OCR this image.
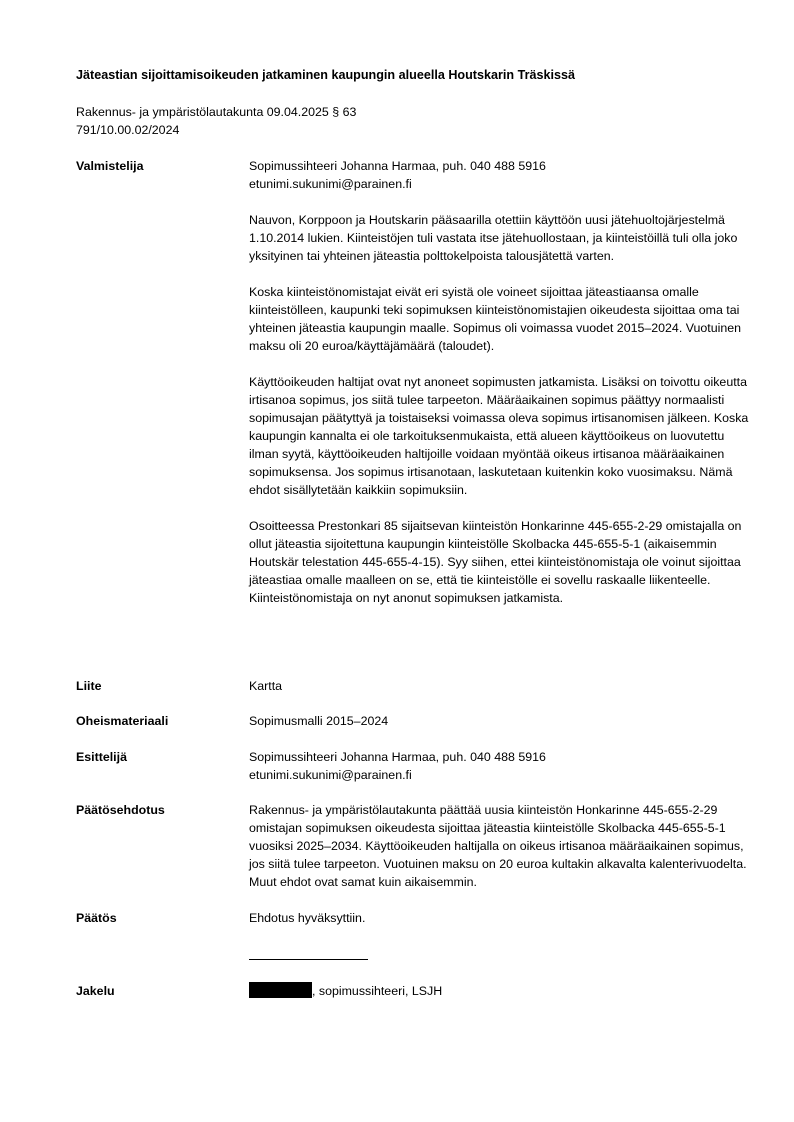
Jäteastian sijoittamisoikeuden jatkaminen kaupungin alueella Houtskarin Träskissä
Rakennus- ja ympäristölautakunta 09.04.2025 § 63
791/10.00.02/2024
Valmistelija	Sopimussihteeri Johanna Harmaa, puh. 040 488 5916
etunimi.sukunimi@parainen.fi

Nauvon, Korppoon ja Houtskarin pääsaarilla otettiin käyttöön uusi jätehuoltojärjestelmä 1.10.2014 lukien. Kiinteistöjen tuli vastata itse jätehuollostaan, ja kiinteistöillä tuli olla joko yksityinen tai yhteinen jäteastia polttokelpoista talousjätettä varten.

Koska kiinteistönomistajat eivät eri syistä ole voineet sijoittaa jäteastiaansa omalle kiinteistölleen, kaupunki teki sopimuksen kiinteistönomistajien oikeudesta sijoittaa oma tai yhteinen jäteastia kaupungin maalle. Sopimus oli voimassa vuodet 2015–2024. Vuotuinen maksu oli 20 euroa/käyttäjämäärä (taloudet).

Käyttöoikeuden haltijat ovat nyt anoneet sopimusten jatkamista. Lisäksi on toivottu oikeutta irtisanoa sopimus, jos siitä tulee tarpeeton. Määräaikainen sopimus päättyy normaalisti sopimusajan päätyttyä ja toistaiseksi voimassa oleva sopimus irtisanomisen jälkeen. Koska kaupungin kannalta ei ole tarkoituksenmukaista, että alueen käyttöoikeus on luovutettu ilman syytä, käyttöoikeuden haltijoille voidaan myöntää oikeus irtisanoa määräaikainen sopimuksensa. Jos sopimus irtisanotaan, laskutetaan kuitenkin koko vuosimaksu. Nämä ehdot sisällytetään kaikkiin sopimuksiin.

Osoitteessa Prestonkari 85 sijaitsevan kiinteistön Honkarinne 445-655-2-29 omistajalla on ollut jäteastia sijoitettuna kaupungin kiinteistölle Skolbacka 445-655-5-1 (aikaisemmin Houtskär telestation 445-655-4-15). Syy siihen, ettei kiinteistönomistaja ole voinut sijoittaa jäteastiaa omalle maalleen on se, että tie kiinteistölle ei sovellu raskaalle liikenteelle. Kiinteistönomistaja on nyt anonut sopimuksen jatkamista.

Liite	Kartta
Oheismateriaali	Sopimusmalli 2015–2024
Esittelijä	Sopimussihteeri Johanna Harmaa, puh. 040 488 5916
etunimi.sukunimi@parainen.fi
Päätösehdotus	Rakennus- ja ympäristölautakunta päättää uusia kiinteistön Honkarinne 445-655-2-29 omistajan sopimuksen oikeudesta sijoittaa jäteastia kiinteistölle Skolbacka 445-655-5-1 vuosiksi 2025–2034. Käyttöoikeuden haltijalla on oikeus irtisanoa määräaikainen sopimus, jos siitä tulee tarpeeton. Vuotuinen maksu on 20 euroa kultakin alkavalta kalenterivuodelta. Muut ehdot ovat samat kuin aikaisemmin.
Päätös	Ehdotus hyväksyttiin.
Jakelu	, sopimussihteeri, LSJH
